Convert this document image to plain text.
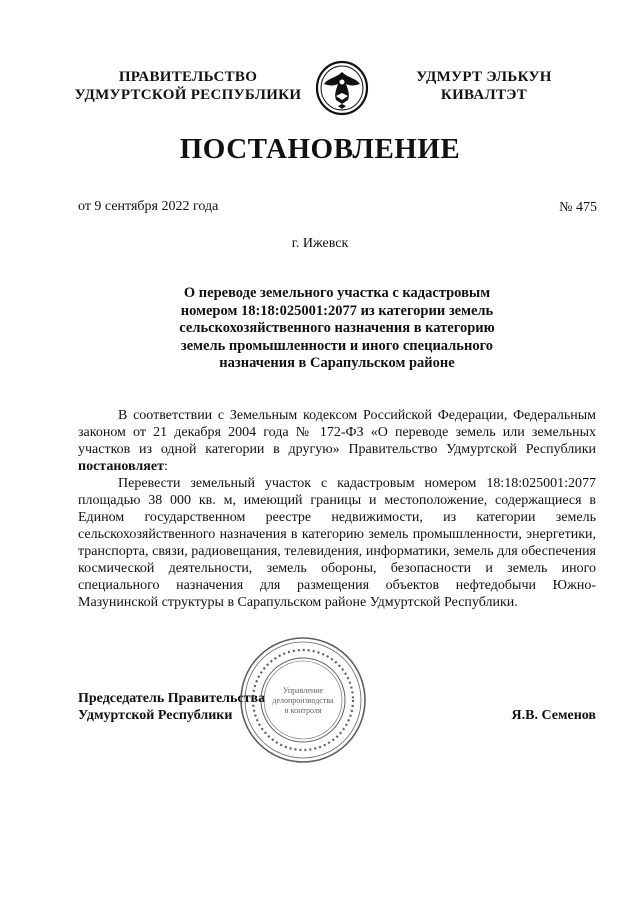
ПРАВИТЕЛЬСТВО
УДМУРТСКОЙ РЕСПУБЛИКИ
УДМУРТ ЭЛЬКУН
КИВАЛТЭТ
ПОСТАНОВЛЕНИЕ
от 9 сентября 2022 года	№ 475
г. Ижевск
О переводе земельного участка с кадастровым
номером 18:18:025001:2077 из категории земель
сельскохозяйственного назначения в категорию
земель промышленности и иного специального
назначения в Сарапульском районе

В соответствии с Земельным кодексом Российской Федерации, Федеральным законом от 21 декабря 2004 года № 172-ФЗ «О переводе земель или земельных участков из одной категории в другую» Правительство Удмуртской Республики постановляет:

Перевести земельный участок с кадастровым номером 18:18:025001:2077 площадью 38 000 кв. м, имеющий границы и местоположение, содержащиеся в Едином государственном реестре недвижимости, из категории земель сельскохозяйственного назначения в категорию земель промышленности, энергетики, транспорта, связи, радиовещания, телевидения, информатики, земель для обеспечения космической деятельности, земель обороны, безопасности и земель иного специального назначения для размещения объектов нефтедобычи Южно-Мазунинской структуры в Сарапульском районе Удмуртской Республики.

Председатель Правительства
Удмуртской Республики	Я.В. Семенов
Управление
делопроизводства
и контроля
